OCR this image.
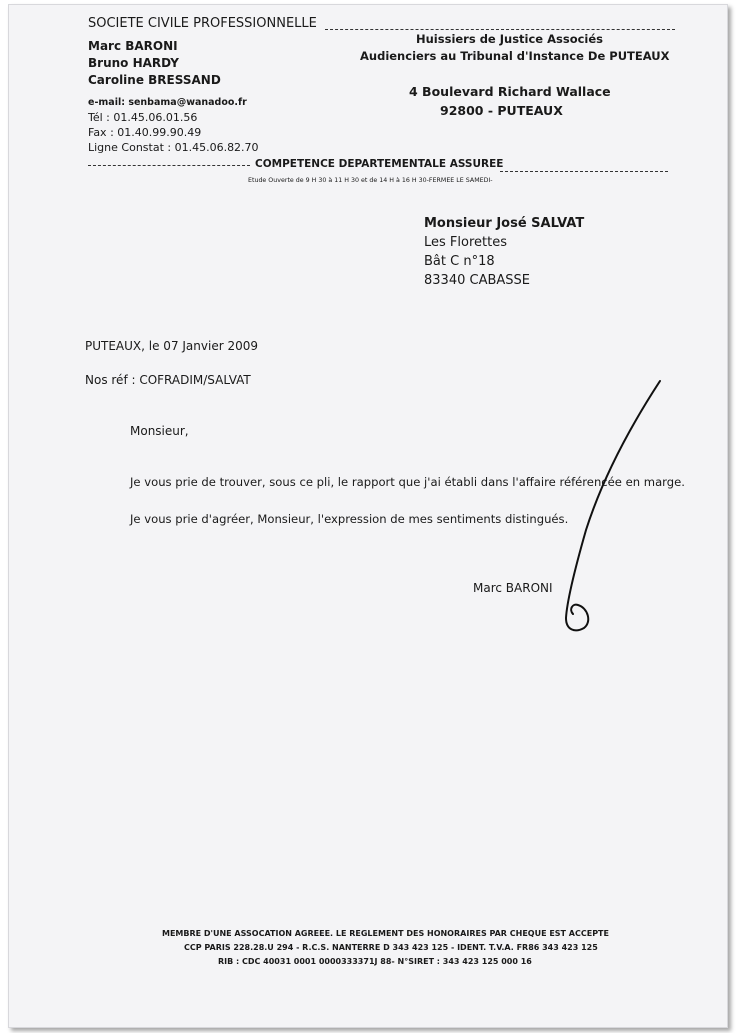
SOCIETE CIVILE PROFESSIONNELLE
Marc BARONI
Bruno HARDY
Caroline BRESSAND
Huissiers de Justice Associés
Audienciers au Tribunal d'Instance De PUTEAUX
e-mail: senbama@wanadoo.fr
Tél : 01.45.06.01.56
Fax : 01.40.99.90.49
Ligne Constat : 01.45.06.82.70
4 Boulevard Richard Wallace
92800 - PUTEAUX
COMPETENCE DEPARTEMENTALE ASSUREE
Etude Ouverte de 9 H 30 à 11 H 30 et de 14 H à 16 H 30-FERMEE LE SAMEDI-
Monsieur José SALVAT
Les Florettes
Bât C n°18
83340 CABASSE
PUTEAUX, le 07 Janvier 2009
Nos réf : COFRADIM/SALVAT
Monsieur,
Je vous prie de trouver, sous ce pli, le rapport que j'ai établi dans l'affaire référencée en marge.
Je vous prie d'agréer, Monsieur, l'expression de mes sentiments distingués.
Marc BARONI
MEMBRE D'UNE ASSOCATION AGREEE. LE REGLEMENT DES HONORAIRES PAR CHEQUE EST ACCEPTE
CCP PARIS 228.28.U 294 - R.C.S. NANTERRE D 343 423 125 - IDENT. T.V.A. FR86 343 423 125
RIB : CDC 40031 0001 0000333371J 88- N°SIRET : 343 423 125 000 16
